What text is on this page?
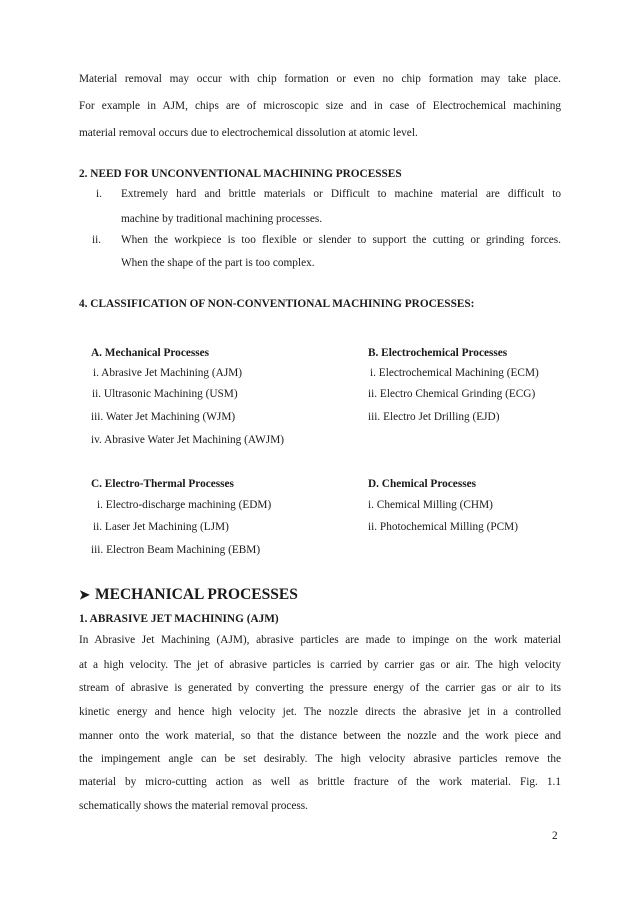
Material removal may occur with chip formation or even no chip formation may take place.
For example in AJM, chips are of microscopic size and in case of Electrochemical machining
material removal occurs due to electrochemical dissolution at atomic level.
2. NEED FOR UNCONVENTIONAL MACHINING PROCESSES
i. Extremely hard and brittle materials or Difficult to machine material are difficult to
machine by traditional machining processes.
ii. When the workpiece is too flexible or slender to support the cutting or grinding forces.
When the shape of the part is too complex.
4. CLASSIFICATION OF NON-CONVENTIONAL MACHINING PROCESSES:
A. Mechanical Processes
i. Abrasive Jet Machining (AJM)
ii. Ultrasonic Machining (USM)
iii. Water Jet Machining (WJM)
iv. Abrasive Water Jet Machining (AWJM)
B. Electrochemical Processes
i. Electrochemical Machining (ECM)
ii. Electro Chemical Grinding (ECG)
iii. Electro Jet Drilling (EJD)
C. Electro-Thermal Processes
i. Electro-discharge machining (EDM)
ii. Laser Jet Machining (LJM)
iii. Electron Beam Machining (EBM)
D. Chemical Processes
i. Chemical Milling (CHM)
ii. Photochemical Milling (PCM)
➤ MECHANICAL PROCESSES
1. ABRASIVE JET MACHINING (AJM)
In Abrasive Jet Machining (AJM), abrasive particles are made to impinge on the work material
at a high velocity. The jet of abrasive particles is carried by carrier gas or air. The high velocity
stream of abrasive is generated by converting the pressure energy of the carrier gas or air to its
kinetic energy and hence high velocity jet. The nozzle directs the abrasive jet in a controlled
manner onto the work material, so that the distance between the nozzle and the work piece and
the impingement angle can be set desirably. The high velocity abrasive particles remove the
material by micro-cutting action as well as brittle fracture of the work material. Fig. 1.1
schematically shows the material removal process.
2
